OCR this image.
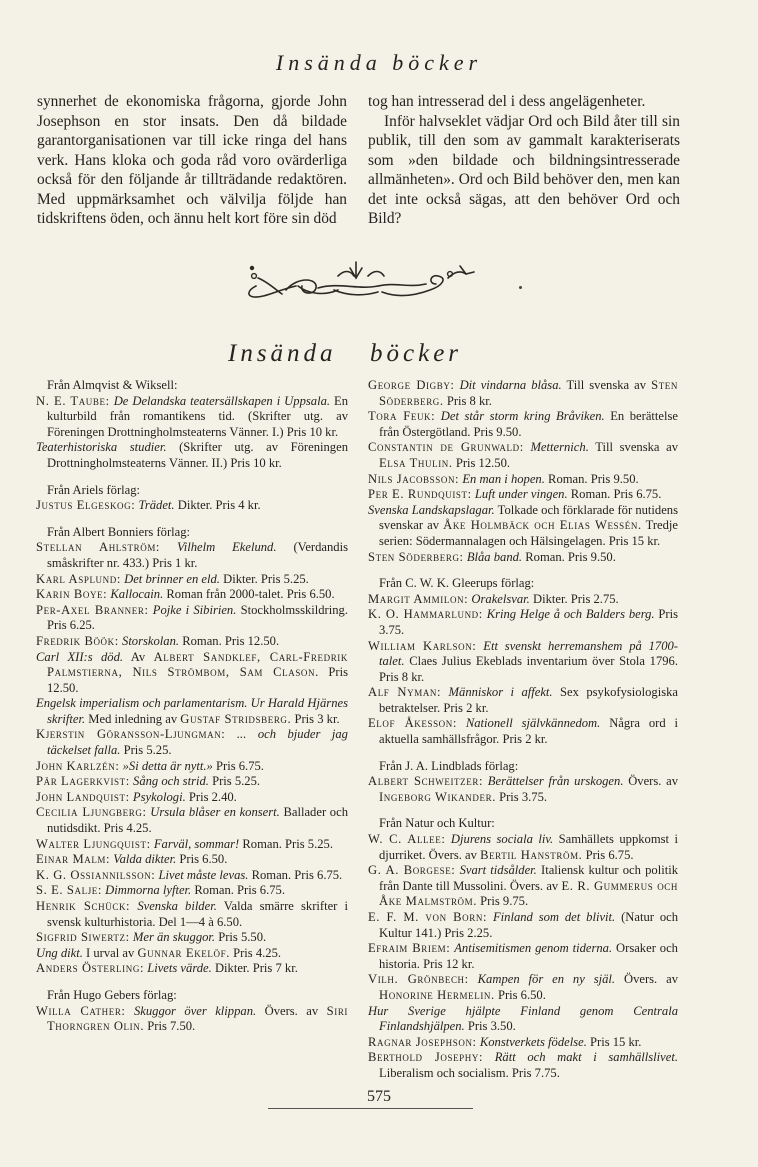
Insända böcker

synnerhet de ekonomiska frågorna, gjorde John Josephson en stor insats. Den då bildade garantorganisationen var till icke ringa del hans verk. Hans kloka och goda råd voro ovärderliga också för den följande år tillträdande redaktören. Med uppmärksamhet och välvilja följde han tidskriftens öden, och ännu helt kort före sin död

tog han intresserad del i dess angelägenheter.

Inför halvseklet vädjar Ord och Bild åter till sin publik, till den som av gammalt karakteriserats som »den bildade och bildningsintresserade allmänheten». Ord och Bild behöver den, men kan det inte också sägas, att den behöver Ord och Bild?

Insända böcker
Från Almqvist & Wiksell:
N. E. Taube: De Delandska teatersällskapen i Uppsala. En kulturbild från romantikens tid. (Skrifter utg. av Föreningen Drottningholmsteaterns Vänner. I.) Pris 10 kr.
Teaterhistoriska studier. (Skrifter utg. av Föreningen Drottningholmsteaterns Vänner. II.) Pris 10 kr.
Från Ariels förlag:
Justus Elgeskog: Trädet. Dikter. Pris 4 kr.
Från Albert Bonniers förlag:
Stellan Ahlström: Vilhelm Ekelund. (Verdandis småskrifter nr. 433.) Pris 1 kr.
Karl Asplund: Det brinner en eld. Dikter. Pris 5.25.
Karin Boye: Kallocain. Roman från 2000-talet. Pris 6.50.
Per-Axel Branner: Pojke i Sibirien. Stockholmsskildring. Pris 6.25.
Fredrik Böök: Storskolan. Roman. Pris 12.50.
Carl XII:s död. Av Albert Sandklef, Carl-Fredrik Palmstierna, Nils Strömbom, Sam Clason. Pris 12.50.
Engelsk imperialism och parlamentarism. Ur Harald Hjärnes skrifter. Med inledning av Gustaf Stridsberg. Pris 3 kr.
Kjerstin Göransson-Ljungman: ... och bjuder jag täckelset falla. Pris 5.25.
John Karlzén: »Si detta är nytt.» Pris 6.75.
Pär Lagerkvist: Sång och strid. Pris 5.25.
John Landquist: Psykologi. Pris 2.40.
Cecilia Ljungberg: Ursula blåser en konsert. Ballader och nutidsdikt. Pris 4.25.
Walter Ljungquist: Farväl, sommar! Roman. Pris 5.25.
Einar Malm: Valda dikter. Pris 6.50.
K. G. Ossiannilsson: Livet måste levas. Roman. Pris 6.75.
S. E. Salje: Dimmorna lyfter. Roman. Pris 6.75.
Henrik Schück: Svenska bilder. Valda smärre skrifter i svensk kulturhistoria. Del 1—4 à 6.50.
Sigfrid Siwertz: Mer än skuggor. Pris 5.50.
Ung dikt. I urval av Gunnar Ekelöf. Pris 4.25.
Anders Österling: Livets värde. Dikter. Pris 7 kr.
Från Hugo Gebers förlag:
Willa Cather: Skuggor över klippan. Övers. av Siri Thorngren Olin. Pris 7.50.
George Digby: Dit vindarna blåsa. Till svenska av Sten Söderberg. Pris 8 kr.
Tora Feuk: Det står storm kring Bråviken. En berättelse från Östergötland. Pris 9.50.
Constantin de Grunwald: Metternich. Till svenska av Elsa Thulin. Pris 12.50.
Nils Jacobsson: En man i hopen. Roman. Pris 9.50.
Per E. Rundquist: Luft under vingen. Roman. Pris 6.75.
Svenska Landskapslagar. Tolkade och förklarade för nutidens svenskar av Åke Holmbäck och Elias Wessén. Tredje serien: Södermannalagen och Hälsingelagen. Pris 15 kr.
Sten Söderberg: Blåa band. Roman. Pris 9.50.
Från C. W. K. Gleerups förlag:
Margit Ammilon: Orakelsvar. Dikter. Pris 2.75.
K. O. Hammarlund: Kring Helge å och Balders berg. Pris 3.75.
William Karlson: Ett svenskt herremanshem på 1700-talet. Claes Julius Ekeblads inventarium över Stola 1796. Pris 8 kr.
Alf Nyman: Människor i affekt. Sex psykofysiologiska betraktelser. Pris 2 kr.
Elof Åkesson: Nationell självkännedom. Några ord i aktuella samhällsfrågor. Pris 2 kr.
Från J. A. Lindblads förlag:
Albert Schweitzer: Berättelser från urskogen. Övers. av Ingeborg Wikander. Pris 3.75.
Från Natur och Kultur:
W. C. Allee: Djurens sociala liv. Samhällets uppkomst i djurriket. Övers. av Bertil Hanström. Pris 6.75.
G. A. Borgese: Svart tidsålder. Italiensk kultur och politik från Dante till Mussolini. Övers. av E. R. Gummerus och Åke Malmström. Pris 9.75.
E. F. M. von Born: Finland som det blivit. (Natur och Kultur 141.) Pris 2.25.
Efraim Briem: Antisemitismen genom tiderna. Orsaker och historia. Pris 12 kr.
Vilh. Grönbech: Kampen för en ny själ. Övers. av Honorine Hermelin. Pris 6.50.
Hur Sverige hjälpte Finland genom Centrala Finlandshjälpen. Pris 3.50.
Ragnar Josephson: Konstverkets födelse. Pris 15 kr.
Berthold Josephy: Rätt och makt i samhällslivet. Liberalism och socialism. Pris 7.75.
575
